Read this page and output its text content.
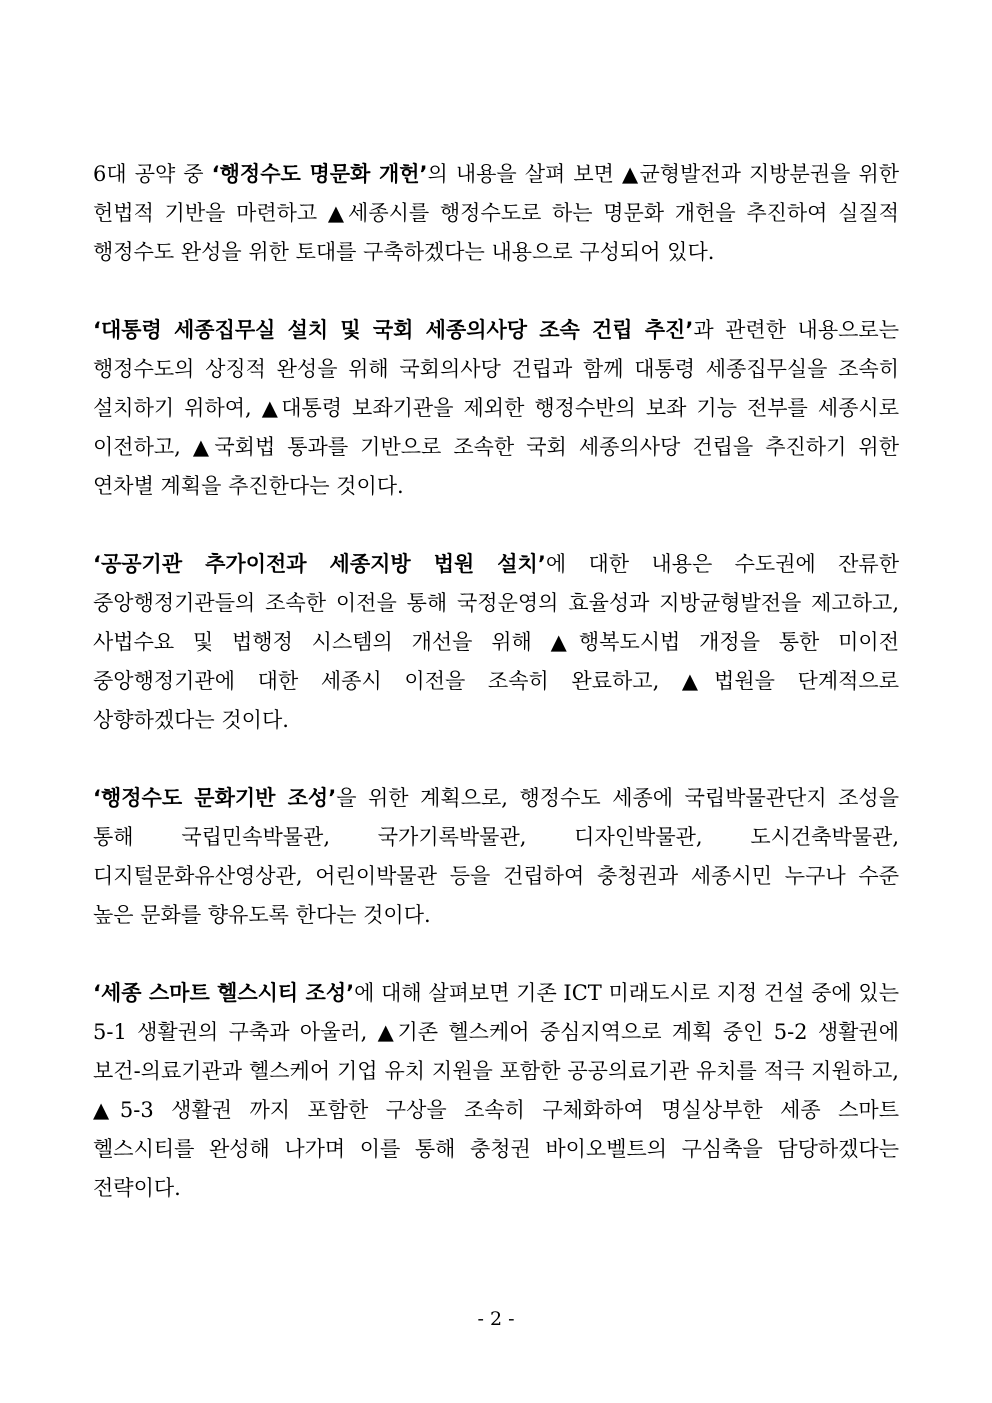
6대 공약 중 ‘행정수도 명문화 개헌’의 내용을 살펴 보면 ▲균형발전과 지방분권을 위한 헌법적 기반을 마련하고 ▲세종시를 행정수도로 하는 명문화 개헌을 추진하여 실질적 행정수도 완성을 위한 토대를 구축하겠다는 내용으로 구성되어 있다.

‘대통령 세종집무실 설치 및 국회 세종의사당 조속 건립 추진’과 관련한 내용으로는 행정수도의 상징적 완성을 위해 국회의사당 건립과 함께 대통령 세종집무실을 조속히 설치하기 위하여, ▲대통령 보좌기관을 제외한 행정수반의 보좌 기능 전부를 세종시로 이전하고, ▲국회법 통과를 기반으로 조속한 국회 세종의사당 건립을 추진하기 위한 연차별 계획을 추진한다는 것이다.

‘공공기관 추가이전과 세종지방 법원 설치’에 대한 내용은 수도권에 잔류한 중앙행정기관들의 조속한 이전을 통해 국정운영의 효율성과 지방균형발전을 제고하고, 사법수요 및 법행정 시스템의 개선을 위해 ▲행복도시법 개정을 통한 미이전 중앙행정기관에 대한 세종시 이전을 조속히 완료하고, ▲법원을 단계적으로 상향하겠다는 것이다.

‘행정수도 문화기반 조성’을 위한 계획으로, 행정수도 세종에 국립박물관단지 조성을 통해 국립민속박물관, 국가기록박물관, 디자인박물관, 도시건축박물관, 디지털문화유산영상관, 어린이박물관 등을 건립하여 충청권과 세종시민 누구나 수준 높은 문화를 향유도록 한다는 것이다.

‘세종 스마트 헬스시티 조성’에 대해 살펴보면 기존 ICT 미래도시로 지정 건설 중에 있는 5-1 생활권의 구축과 아울러, ▲기존 헬스케어 중심지역으로 계획 중인 5-2 생활권에 보건-의료기관과 헬스케어 기업 유치 지원을 포함한 공공의료기관 유치를 적극 지원하고, ▲5-3 생활권 까지 포함한 구상을 조속히 구체화하여 명실상부한 세종 스마트 헬스시티를 완성해 나가며 이를 통해 충청권 바이오벨트의 구심축을 담당하겠다는 전략이다.

- 2 -
